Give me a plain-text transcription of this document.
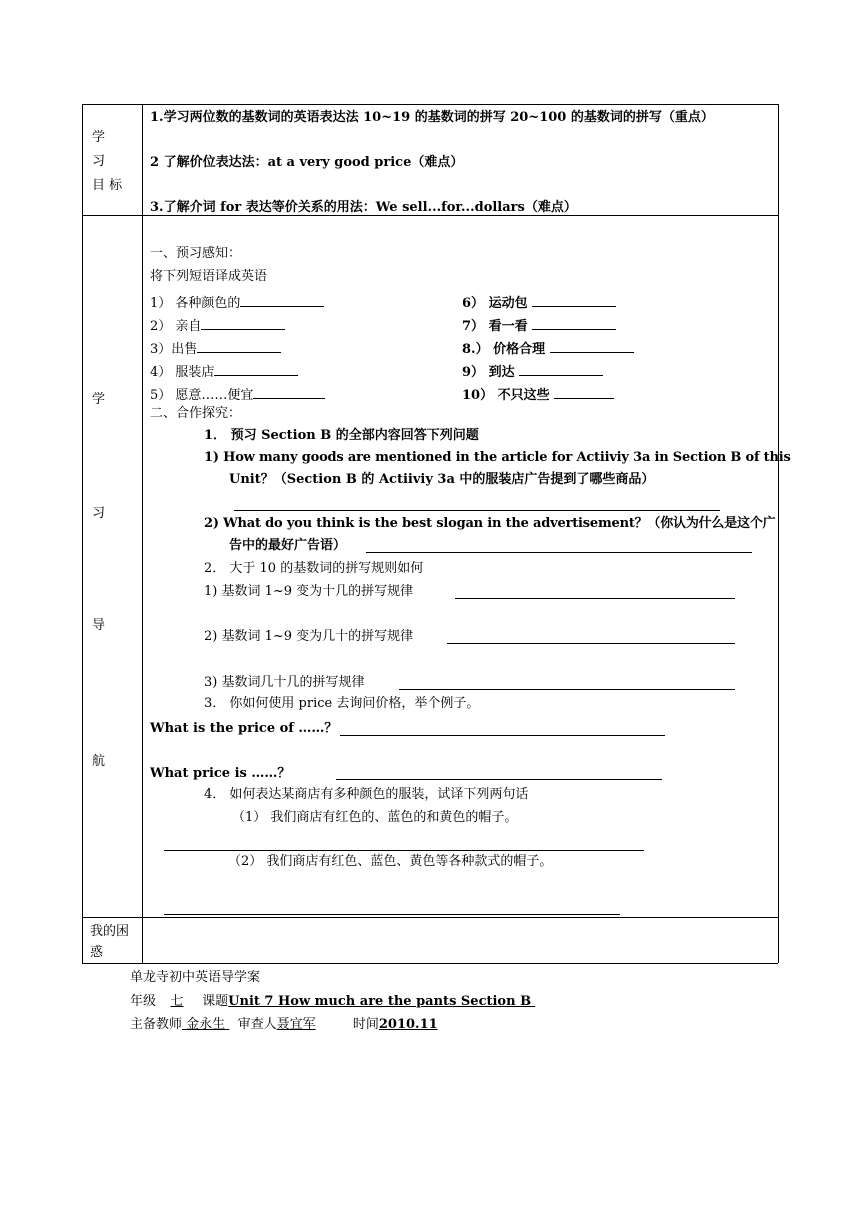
学
习
目 标
1.学习两位数的基数词的英语表达法 10~19 的基数词的拼写 20~100 的基数词的拼写（重点）
2 了解价位表达法：at a very good price（难点）
3.了解介词 for 表达等价关系的用法：We sell...for...dollars（难点）
学
习
导
航
一、预习感知：
将下列短语译成英语
1） 各种颜色的
2） 亲自
3）出售
4） 服装店
5） 愿意……便宜
6） 运动包
7） 看一看
8.） 价格合理
9） 到达
10） 不只这些
二、合作探究：
1． 预习 Section B 的全部内容回答下列问题
1) How many goods are mentioned in the article for Actiiviy 3a in Section B of this
Unit？（Section B 的 Actiiviy 3a 中的服装店广告提到了哪些商品）
2) What do you think is the best slogan in the advertisement？（你认为什么是这个广
告中的最好广告语）
2． 大于 10 的基数词的拼写规则如何
1) 基数词 1~9 变为十几的拼写规律
2) 基数词 1~9 变为几十的拼写规律
3) 基数词几十几的拼写规律
3． 你如何使用 price 去询问价格，举个例子。
What is the price of ……？
What price is ……？
4． 如何表达某商店有多种颜色的服装，试译下列两句话
（1） 我们商店有红色的、蓝色的和黄色的帽子。
（2） 我们商店有红色、蓝色、黄色等各种款式的帽子。
我的困
惑
单龙寺初中英语导学案
年级 七 课题Unit 7 How much are the pants Section B
主备教师 金永生 审查人聂宜军	时间2010.11
